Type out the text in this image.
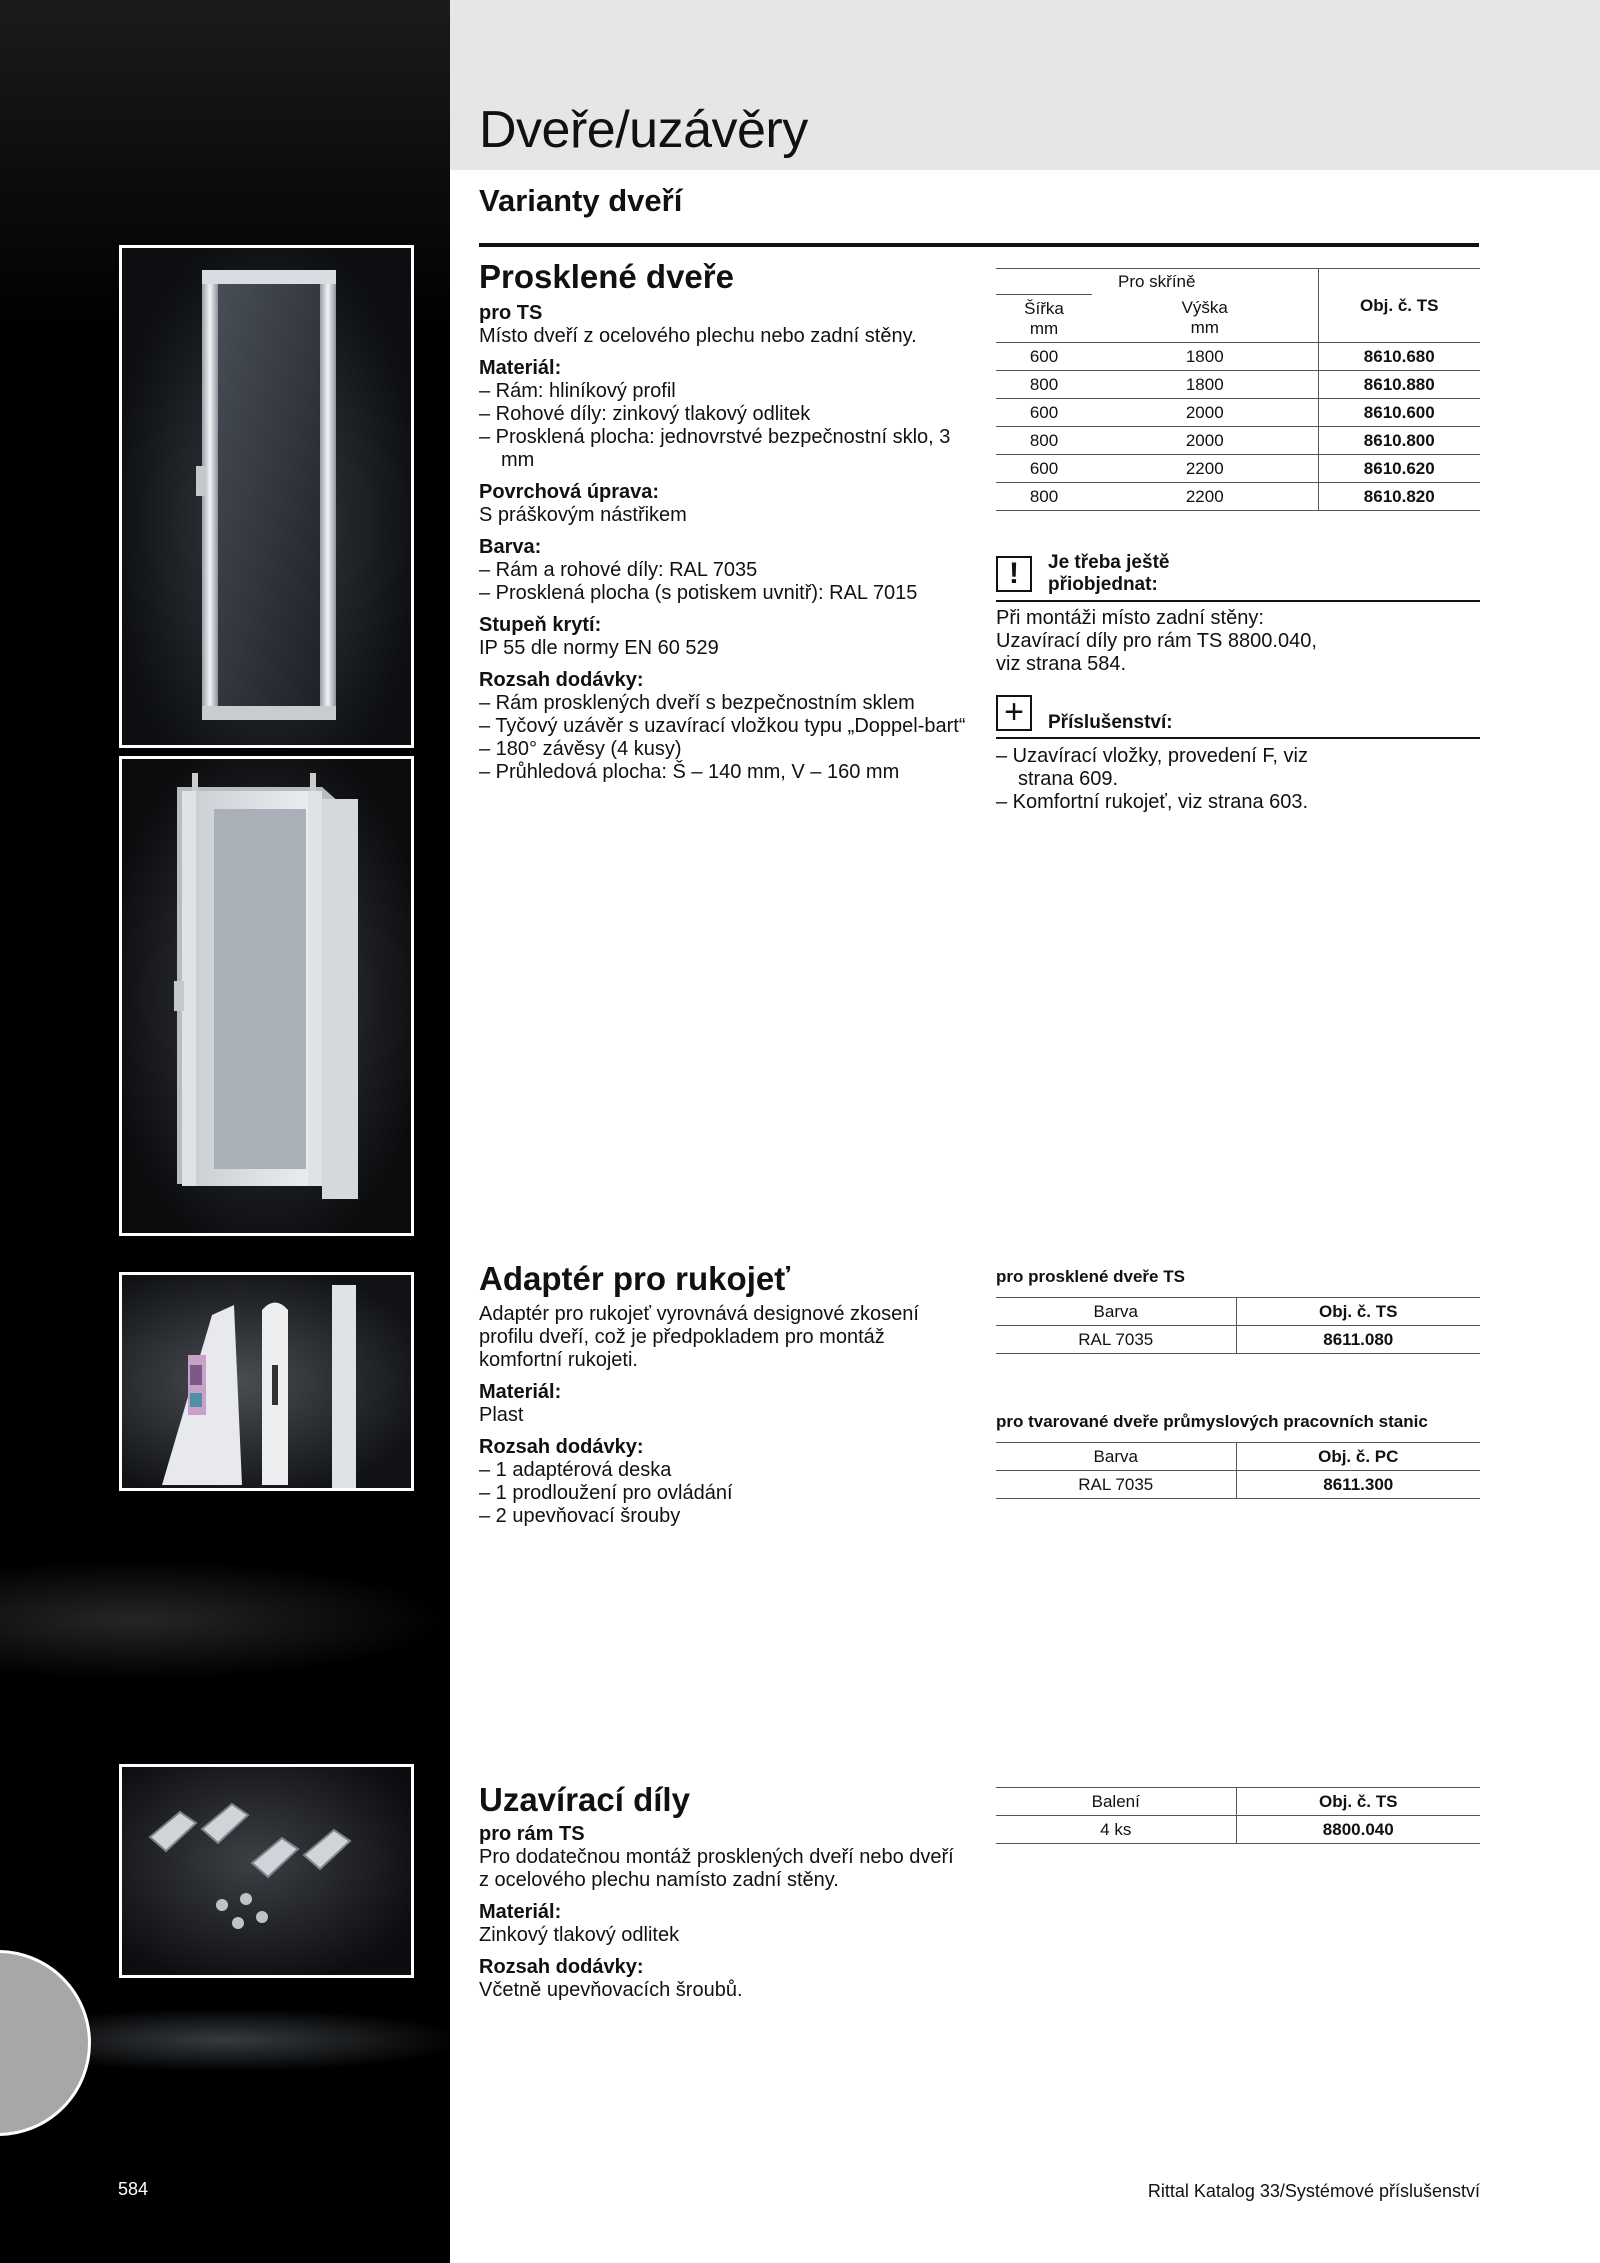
584
Dveře/uzávěry
Varianty dveří
Prosklené dveře
pro TS
Místo dveří z ocelového plechu nebo zadní stěny.
Materiál:
– Rám: hliníkový profil
– Rohové díly: zinkový tlakový odlitek
– Prosklená plocha: jednovrstvé bezpečnostní sklo, 3 mm
Povrchová úprava:
S práškovým nástřikem
Barva:
– Rám a rohové díly: RAL 7035
– Prosklená plocha (s potiskem uvnitř): RAL 7015
Stupeň krytí:
IP 55 dle normy EN 60 529
Rozsah dodávky:
– Rám prosklených dveří s bezpečnostním sklem
– Tyčový uzávěr s uzavírací vložkou typu „Doppel-bart“
– 180° závěsy (4 kusy)
– Průhledová plocha: Š – 140 mm, V – 160 mm
Pro skříně		Obj. č. TS
Šířka
mm	Výška
mm	
600	1800	8610.680
800	1800	8610.880
600	2000	8610.600
800	2000	8610.800
600	2200	8610.620
800	2200	8610.820
!	Je třeba ještě přiobjednat:
Při montáži místo zadní stěny:
Uzavírací díly pro rám TS 8800.040,
viz strana 584.
+	Příslušenství:
– Uzavírací vložky, provedení F, viz strana 609.
– Komfortní rukojeť, viz strana 603.
Adaptér pro rukojeť
Adaptér pro rukojeť vyrovnává designové zkosení profilu dveří, což je předpokladem pro montáž komfortní rukojeti.
Materiál:
Plast
Rozsah dodávky:
– 1 adaptérová deska
– 1 prodloužení pro ovládání
– 2 upevňovací šrouby
pro prosklené dveře TS
Barva	Obj. č. TS
RAL 7035	8611.080
pro tvarované dveře průmyslových pracovních stanic
Barva	Obj. č. PC
RAL 7035	8611.300
Uzavírací díly
pro rám TS
Pro dodatečnou montáž prosklených dveří nebo dveří z ocelového plechu namísto zadní stěny.
Materiál:
Zinkový tlakový odlitek
Rozsah dodávky:
Včetně upevňovacích šroubů.
Balení	Obj. č. TS
4 ks	8800.040
Rittal Katalog 33/Systémové příslušenství
